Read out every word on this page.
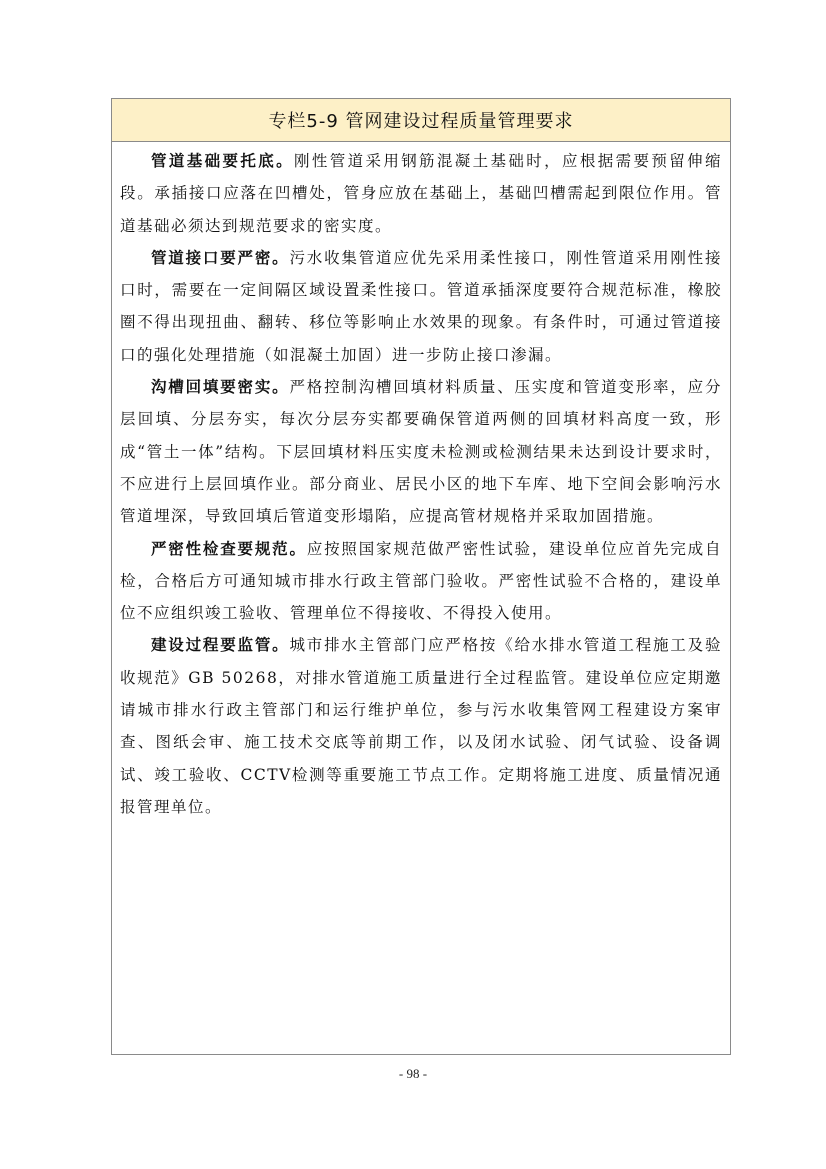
专栏5-9 管网建设过程质量管理要求

管道基础要托底。刚性管道采用钢筋混凝土基础时，应根据需要预留伸缩段。承插接口应落在凹槽处，管身应放在基础上，基础凹槽需起到限位作用。管道基础必须达到规范要求的密实度。

管道接口要严密。污水收集管道应优先采用柔性接口，刚性管道采用刚性接口时，需要在一定间隔区域设置柔性接口。管道承插深度要符合规范标准，橡胶圈不得出现扭曲、翻转、移位等影响止水效果的现象。有条件时，可通过管道接口的强化处理措施（如混凝土加固）进一步防止接口渗漏。

沟槽回填要密实。严格控制沟槽回填材料质量、压实度和管道变形率，应分层回填、分层夯实，每次分层夯实都要确保管道两侧的回填材料高度一致，形成“管土一体”结构。下层回填材料压实度未检测或检测结果未达到设计要求时，不应进行上层回填作业。部分商业、居民小区的地下车库、地下空间会影响污水管道埋深，导致回填后管道变形塌陷，应提高管材规格并采取加固措施。

严密性检查要规范。应按照国家规范做严密性试验，建设单位应首先完成自检，合格后方可通知城市排水行政主管部门验收。严密性试验不合格的，建设单位不应组织竣工验收、管理单位不得接收、不得投入使用。

建设过程要监管。城市排水主管部门应严格按《给水排水管道工程施工及验收规范》GB 50268，对排水管道施工质量进行全过程监管。建设单位应定期邀请城市排水行政主管部门和运行维护单位，参与污水收集管网工程建设方案审查、图纸会审、施工技术交底等前期工作，以及闭水试验、闭气试验、设备调试、竣工验收、CCTV检测等重要施工节点工作。定期将施工进度、质量情况通报管理单位。

- 98 -
